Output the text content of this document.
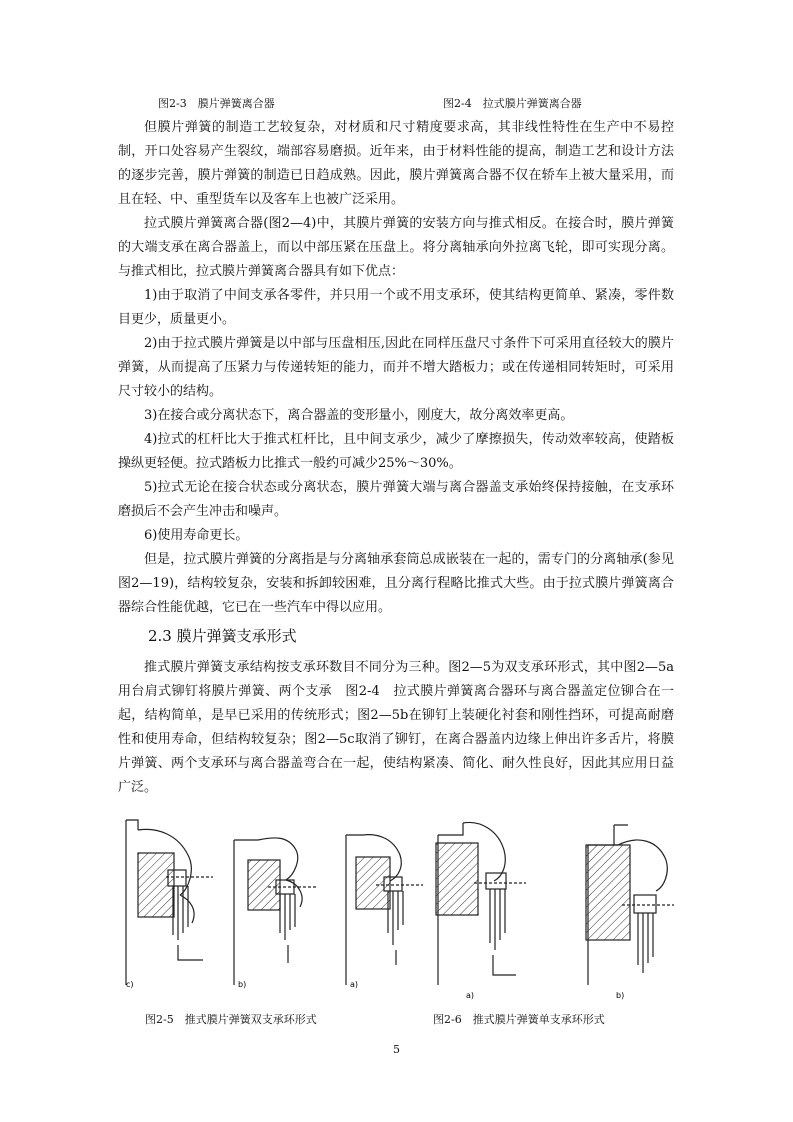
图2-3　膜片弹簧离合器	图2-4　拉式膜片弹簧离合器

但膜片弹簧的制造工艺较复杂，对材质和尺寸精度要求高，其非线性特性在生产中不易控制，开口处容易产生裂纹，端部容易磨损。近年来，由于材料性能的提高，制造工艺和设计方法的逐步完善，膜片弹簧的制造已日趋成熟。因此，膜片弹簧离合器不仅在轿车上被大量采用，而且在轻、中、重型货车以及客车上也被广泛采用。

拉式膜片弹簧离合器(图2—4)中，其膜片弹簧的安装方向与推式相反。在接合时，膜片弹簧的大端支承在离合器盖上，而以中部压紧在压盘上。将分离轴承向外拉离飞轮，即可实现分离。与推式相比，拉式膜片弹簧离合器具有如下优点：

1)由于取消了中间支承各零件，并只用一个或不用支承环，使其结构更简单、紧凑，零件数目更少，质量更小。

2)由于拉式膜片弹簧是以中部与压盘相压,因此在同样压盘尺寸条件下可采用直径较大的膜片弹簧，从而提高了压紧力与传递转矩的能力，而并不增大踏板力；或在传递相同转矩时，可采用尺寸较小的结构。

3)在接合或分离状态下，离合器盖的变形量小，刚度大，故分离效率更高。

4)拉式的杠杆比大于推式杠杆比，且中间支承少，减少了摩擦损失，传动效率较高，使踏板操纵更轻便。拉式踏板力比推式一般约可减少25%～30%。

5)拉式无论在接合状态或分离状态，膜片弹簧大端与离合器盖支承始终保持接触，在支承环磨损后不会产生冲击和噪声。

6)使用寿命更长。

但是，拉式膜片弹簧的分离指是与分离轴承套筒总成嵌装在一起的，需专门的分离轴承(参见图2—19)，结构较复杂，安装和拆卸较困难，且分离行程略比推式大些。由于拉式膜片弹簧离合器综合性能优越，它已在一些汽车中得以应用。

2.3 膜片弹簧支承形式

推式膜片弹簧支承结构按支承环数目不同分为三种。图2—5为双支承环形式，其中图2—5a用台肩式铆钉将膜片弹簧、两个支承　图2-4　拉式膜片弹簧离合器环与离合器盖定位铆合在一起，结构简单，是早已采用的传统形式；图2—5b在铆钉上装硬化衬套和刚性挡环，可提高耐磨性和使用寿命，但结构较复杂；图2—5c取消了铆钉，在离合器盖内边缘上伸出许多舌片，将膜片弹簧、两个支承环与离合器盖弯合在一起，使结构紧凑、简化、耐久性良好，因此其应用日益广泛。

c)	b)	a)
a)	b)
图2-5　推式膜片弹簧双支承环形式	图2-6　推式膜片弹簧单支承环形式
5
